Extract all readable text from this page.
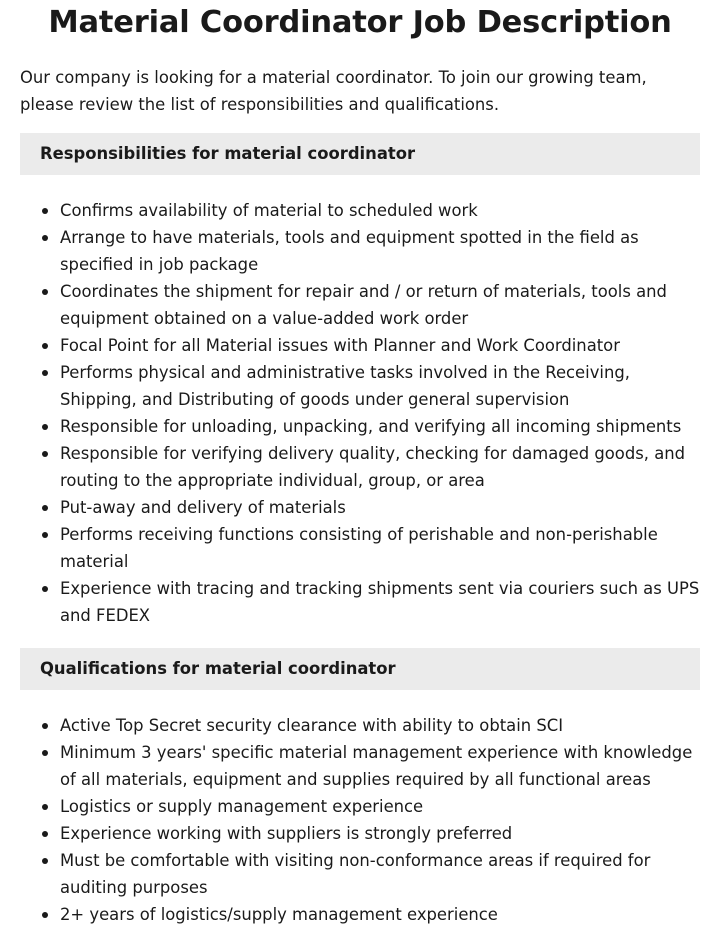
Material Coordinator Job Description

Our company is looking for a material coordinator. To join our growing team, please review the list of responsibilities and qualifications.

Responsibilities for material coordinator
Confirms availability of material to scheduled work
Arrange to have materials, tools and equipment spotted in the field as specified in job package
Coordinates the shipment for repair and / or return of materials, tools and equipment obtained on a value-added work order
Focal Point for all Material issues with Planner and Work Coordinator
Performs physical and administrative tasks involved in the Receiving, Shipping, and Distributing of goods under general supervision
Responsible for unloading, unpacking, and verifying all incoming shipments
Responsible for verifying delivery quality, checking for damaged goods, and routing to the appropriate individual, group, or area
Put-away and delivery of materials
Performs receiving functions consisting of perishable and non-perishable material
Experience with tracing and tracking shipments sent via couriers such as UPS and FEDEX
Qualifications for material coordinator
Active Top Secret security clearance with ability to obtain SCI
Minimum 3 years' specific material management experience with knowledge of all materials, equipment and supplies required by all functional areas
Logistics or supply management experience
Experience working with suppliers is strongly preferred
Must be comfortable with visiting non-conformance areas if required for auditing purposes
2+ years of logistics/supply management experience
